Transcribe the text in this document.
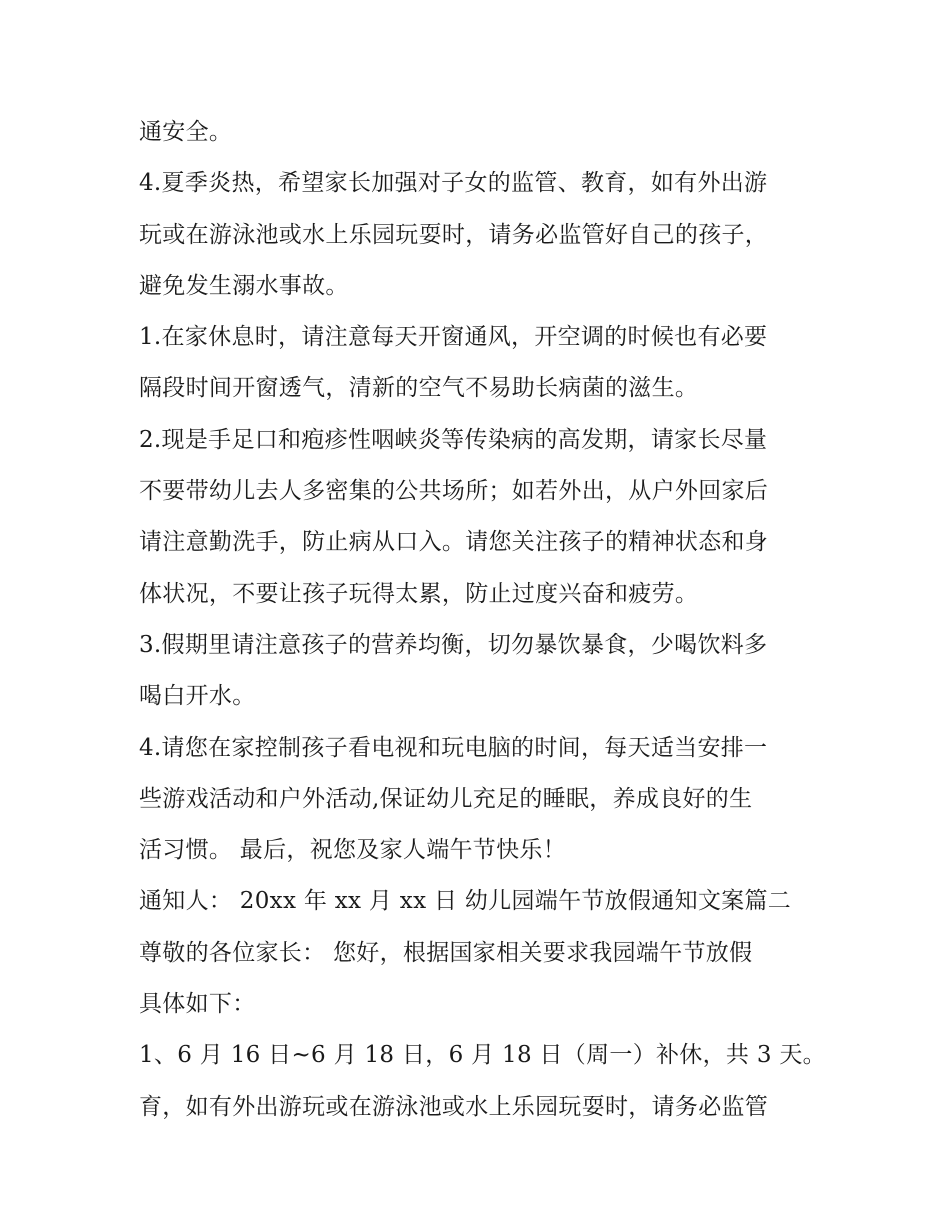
通安全。
4.夏季炎热，希望家长加强对子女的监管、教育，如有外出游
玩或在游泳池或水上乐园玩耍时，请务必监管好自己的孩子，
避免发生溺水事故。
1.在家休息时，请注意每天开窗通风，开空调的时候也有必要
隔段时间开窗透气，清新的空气不易助长病菌的滋生。
2.现是手足口和疱疹性咽峡炎等传染病的高发期，请家长尽量
不要带幼儿去人多密集的公共场所；如若外出，从户外回家后
请注意勤洗手，防止病从口入。请您关注孩子的精神状态和身
体状况，不要让孩子玩得太累，防止过度兴奋和疲劳。
3.假期里请注意孩子的营养均衡，切勿暴饮暴食，少喝饮料多
喝白开水。
4.请您在家控制孩子看电视和玩电脑的时间，每天适当安排一
些游戏活动和户外活动,保证幼儿充足的睡眠，养成良好的生
活习惯。 最后，祝您及家人端午节快乐！
通知人： 20xx 年 xx 月 xx 日 幼儿园端午节放假通知文案篇二
尊敬的各位家长： 您好，根据国家相关要求我园端午节放假
具体如下：
1、6 月 16 日~6 月 18 日，6 月 18 日（周一）补休，共 3 天。
育，如有外出游玩或在游泳池或水上乐园玩耍时，请务必监管
